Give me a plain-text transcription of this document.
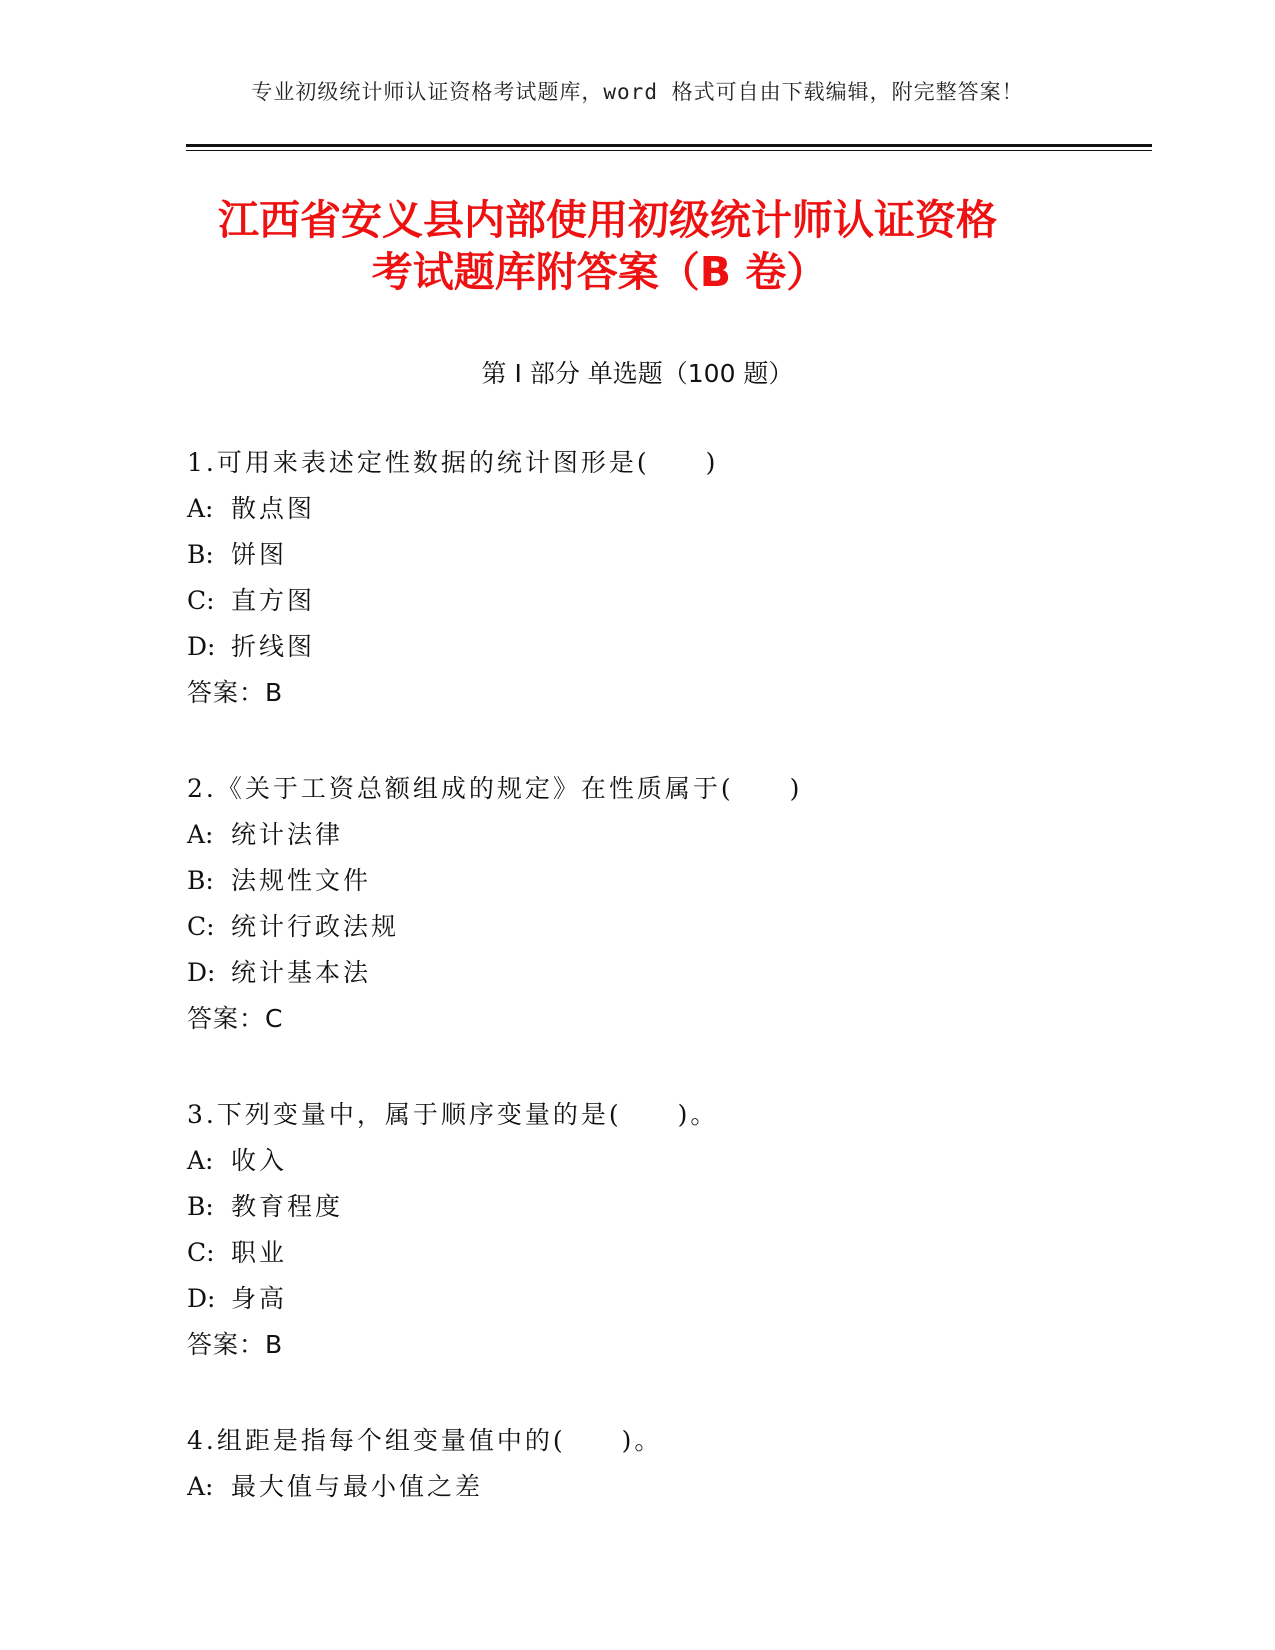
专业初级统计师认证资格考试题库，word 格式可自由下载编辑，附完整答案！
江西省安义县内部使用初级统计师认证资格
考试题库附答案（B 卷）
第 I 部分 单选题（100 题）
1.可用来表述定性数据的统计图形是(　　)
A: 散点图
B: 饼图
C: 直方图
D: 折线图
答案：B
2.《关于工资总额组成的规定》在性质属于(　　)
A: 统计法律
B: 法规性文件
C: 统计行政法规
D: 统计基本法
答案：C
3.下列变量中，属于顺序变量的是(　　)。
A: 收入
B: 教育程度
C: 职业
D: 身高
答案：B
4.组距是指每个组变量值中的(　　)。
A: 最大值与最小值之差
